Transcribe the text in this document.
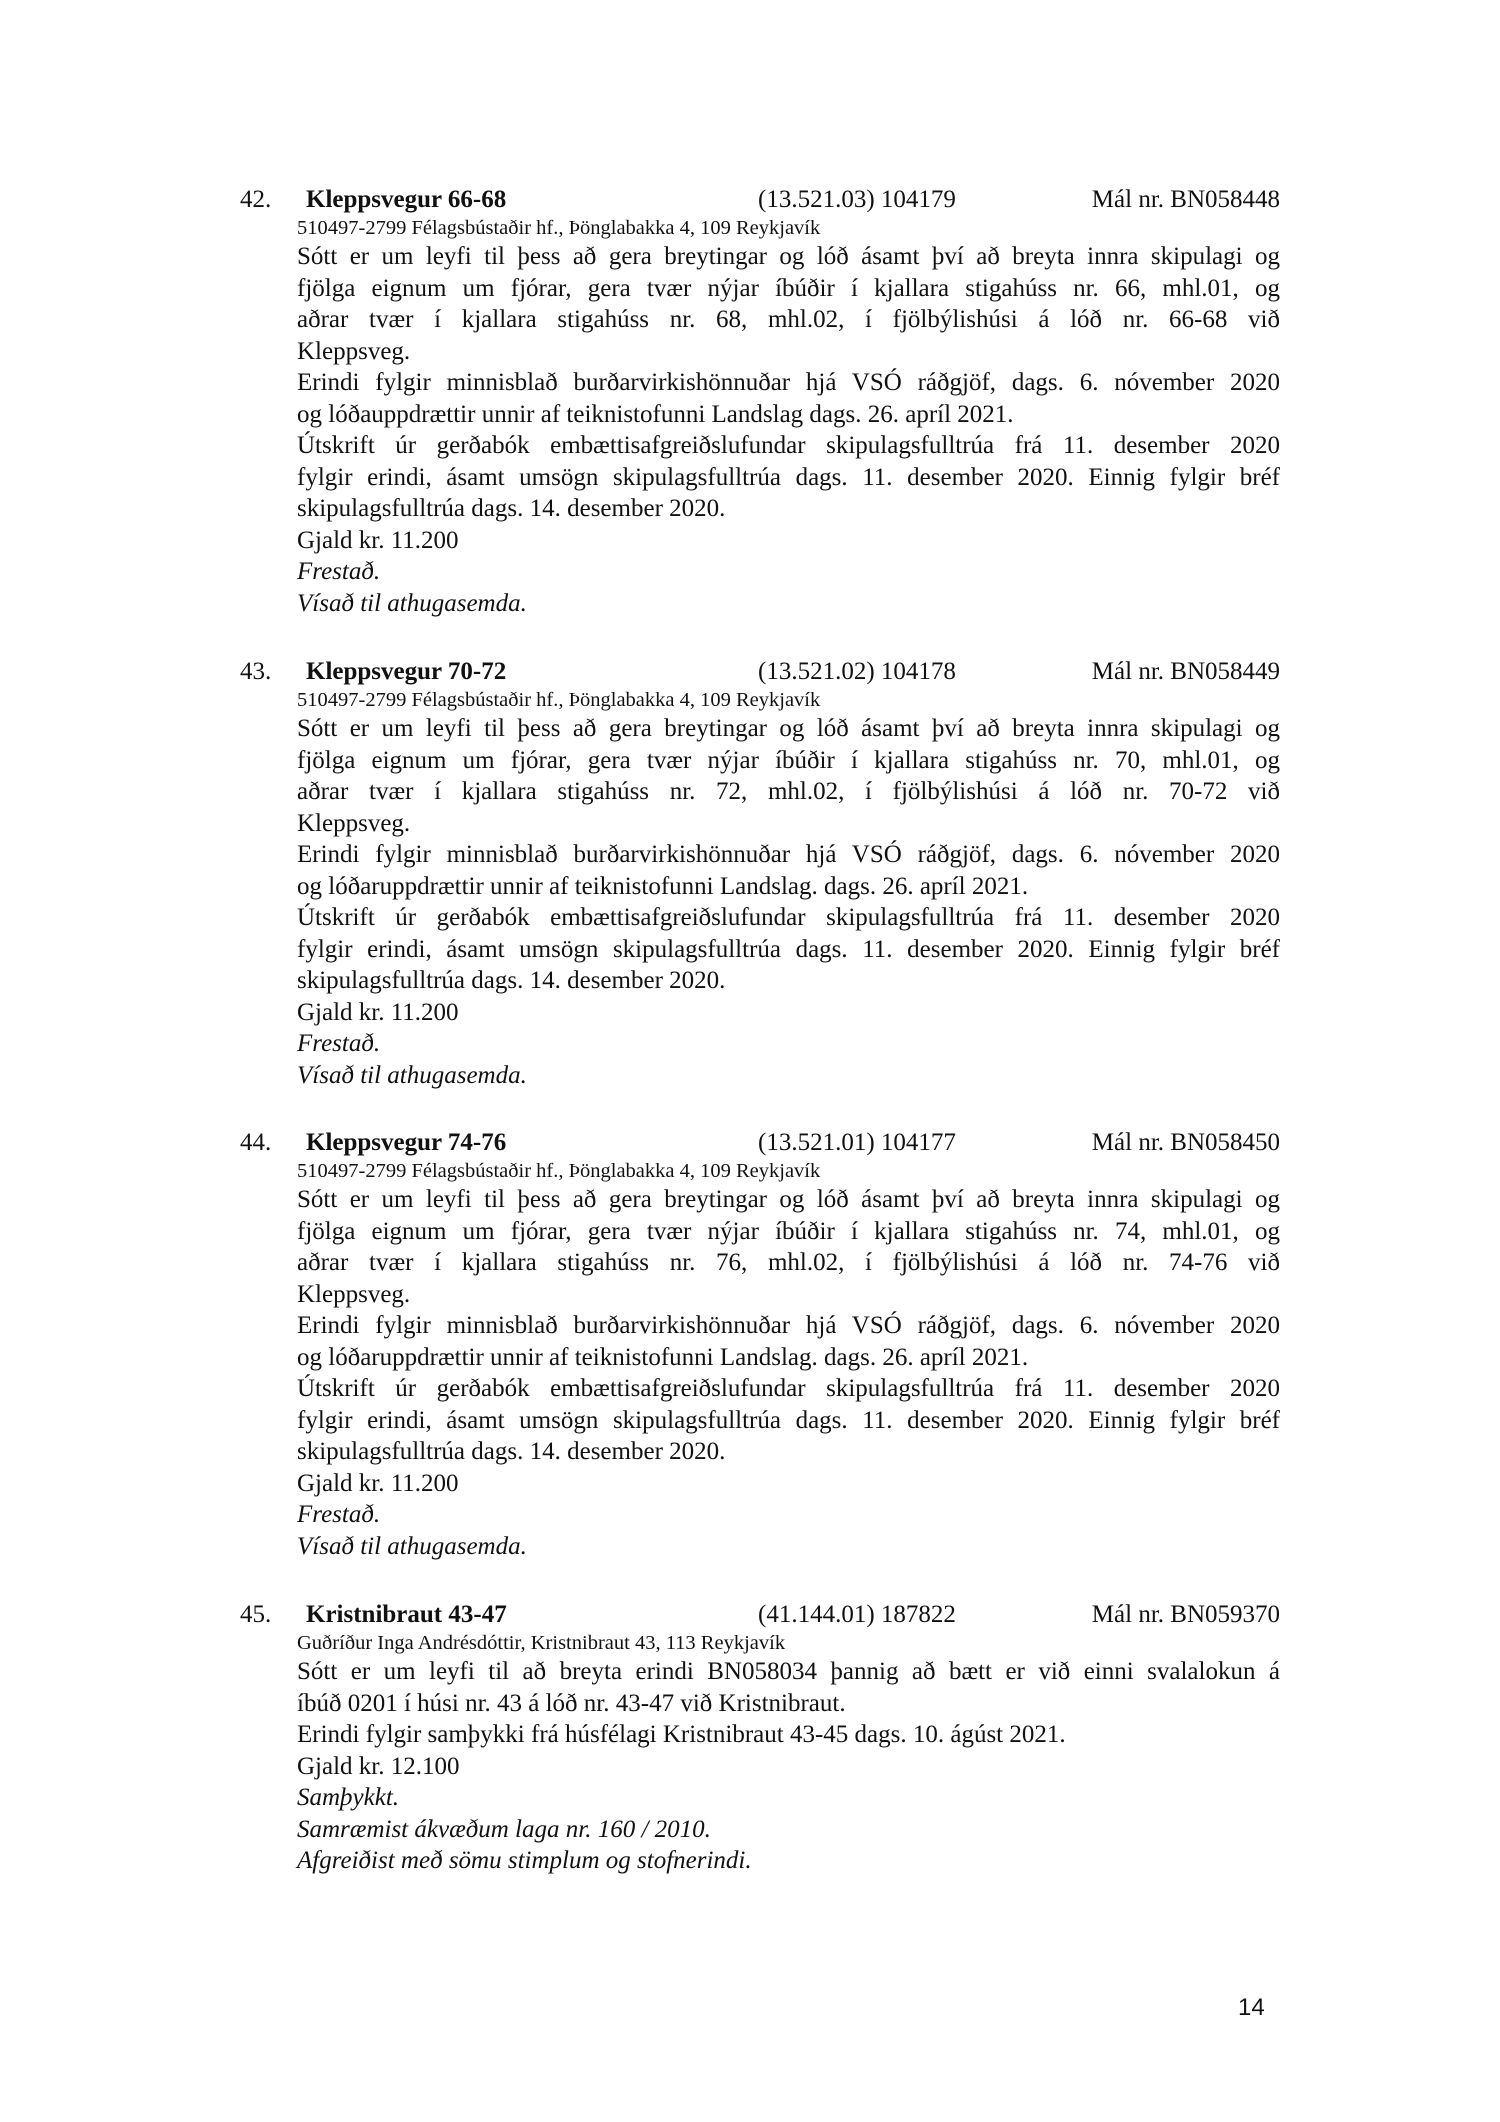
42. Kleppsvegur 66-68	(13.521.03) 104179	Mál nr. BN058448
510497-2799 Félagsbústaðir hf., Þönglabakka 4, 109 Reykjavík
Sótt er um leyfi til þess að gera breytingar og lóð ásamt því að breyta innra skipulagi og
fjölga eignum um fjórar, gera tvær nýjar íbúðir í kjallara stigahúss nr. 66, mhl.01, og
aðrar tvær í kjallara stigahúss nr. 68, mhl.02, í fjölbýlishúsi á lóð nr. 66-68 við
Kleppsveg.
Erindi fylgir minnisblað burðarvirkishönnuðar hjá VSÓ ráðgjöf, dags. 6. nóvember 2020
og lóðauppdrættir unnir af teiknistofunni Landslag dags. 26. apríl 2021.
Útskrift úr gerðabók embættisafgreiðslufundar skipulagsfulltrúa frá 11. desember 2020
fylgir erindi, ásamt umsögn skipulagsfulltrúa dags. 11. desember 2020. Einnig fylgir bréf
skipulagsfulltrúa dags. 14. desember 2020.
Gjald kr. 11.200
Frestað.
Vísað til athugasemda.
43. Kleppsvegur 70-72	(13.521.02) 104178	Mál nr. BN058449
510497-2799 Félagsbústaðir hf., Þönglabakka 4, 109 Reykjavík
Sótt er um leyfi til þess að gera breytingar og lóð ásamt því að breyta innra skipulagi og
fjölga eignum um fjórar, gera tvær nýjar íbúðir í kjallara stigahúss nr. 70, mhl.01, og
aðrar tvær í kjallara stigahúss nr. 72, mhl.02, í fjölbýlishúsi á lóð nr. 70-72 við
Kleppsveg.
Erindi fylgir minnisblað burðarvirkishönnuðar hjá VSÓ ráðgjöf, dags. 6. nóvember 2020
og lóðaruppdrættir unnir af teiknistofunni Landslag. dags. 26. apríl 2021.
Útskrift úr gerðabók embættisafgreiðslufundar skipulagsfulltrúa frá 11. desember 2020
fylgir erindi, ásamt umsögn skipulagsfulltrúa dags. 11. desember 2020. Einnig fylgir bréf
skipulagsfulltrúa dags. 14. desember 2020.
Gjald kr. 11.200
Frestað.
Vísað til athugasemda.
44. Kleppsvegur 74-76	(13.521.01) 104177	Mál nr. BN058450
510497-2799 Félagsbústaðir hf., Þönglabakka 4, 109 Reykjavík
Sótt er um leyfi til þess að gera breytingar og lóð ásamt því að breyta innra skipulagi og
fjölga eignum um fjórar, gera tvær nýjar íbúðir í kjallara stigahúss nr. 74, mhl.01, og
aðrar tvær í kjallara stigahúss nr. 76, mhl.02, í fjölbýlishúsi á lóð nr. 74-76 við
Kleppsveg.
Erindi fylgir minnisblað burðarvirkishönnuðar hjá VSÓ ráðgjöf, dags. 6. nóvember 2020
og lóðaruppdrættir unnir af teiknistofunni Landslag. dags. 26. apríl 2021.
Útskrift úr gerðabók embættisafgreiðslufundar skipulagsfulltrúa frá 11. desember 2020
fylgir erindi, ásamt umsögn skipulagsfulltrúa dags. 11. desember 2020. Einnig fylgir bréf
skipulagsfulltrúa dags. 14. desember 2020.
Gjald kr. 11.200
Frestað.
Vísað til athugasemda.
45. Kristnibraut 43-47	(41.144.01) 187822	Mál nr. BN059370
Guðríður Inga Andrésdóttir, Kristnibraut 43, 113 Reykjavík
Sótt er um leyfi til að breyta erindi BN058034 þannig að bætt er við einni svalalokun á
íbúð 0201 í húsi nr. 43 á lóð nr. 43-47 við Kristnibraut.
Erindi fylgir samþykki frá húsfélagi Kristnibraut 43-45 dags. 10. ágúst 2021.
Gjald kr. 12.100
Samþykkt.
Samræmist ákvæðum laga nr. 160 / 2010.
Afgreiðist með sömu stimplum og stofnerindi.
14
